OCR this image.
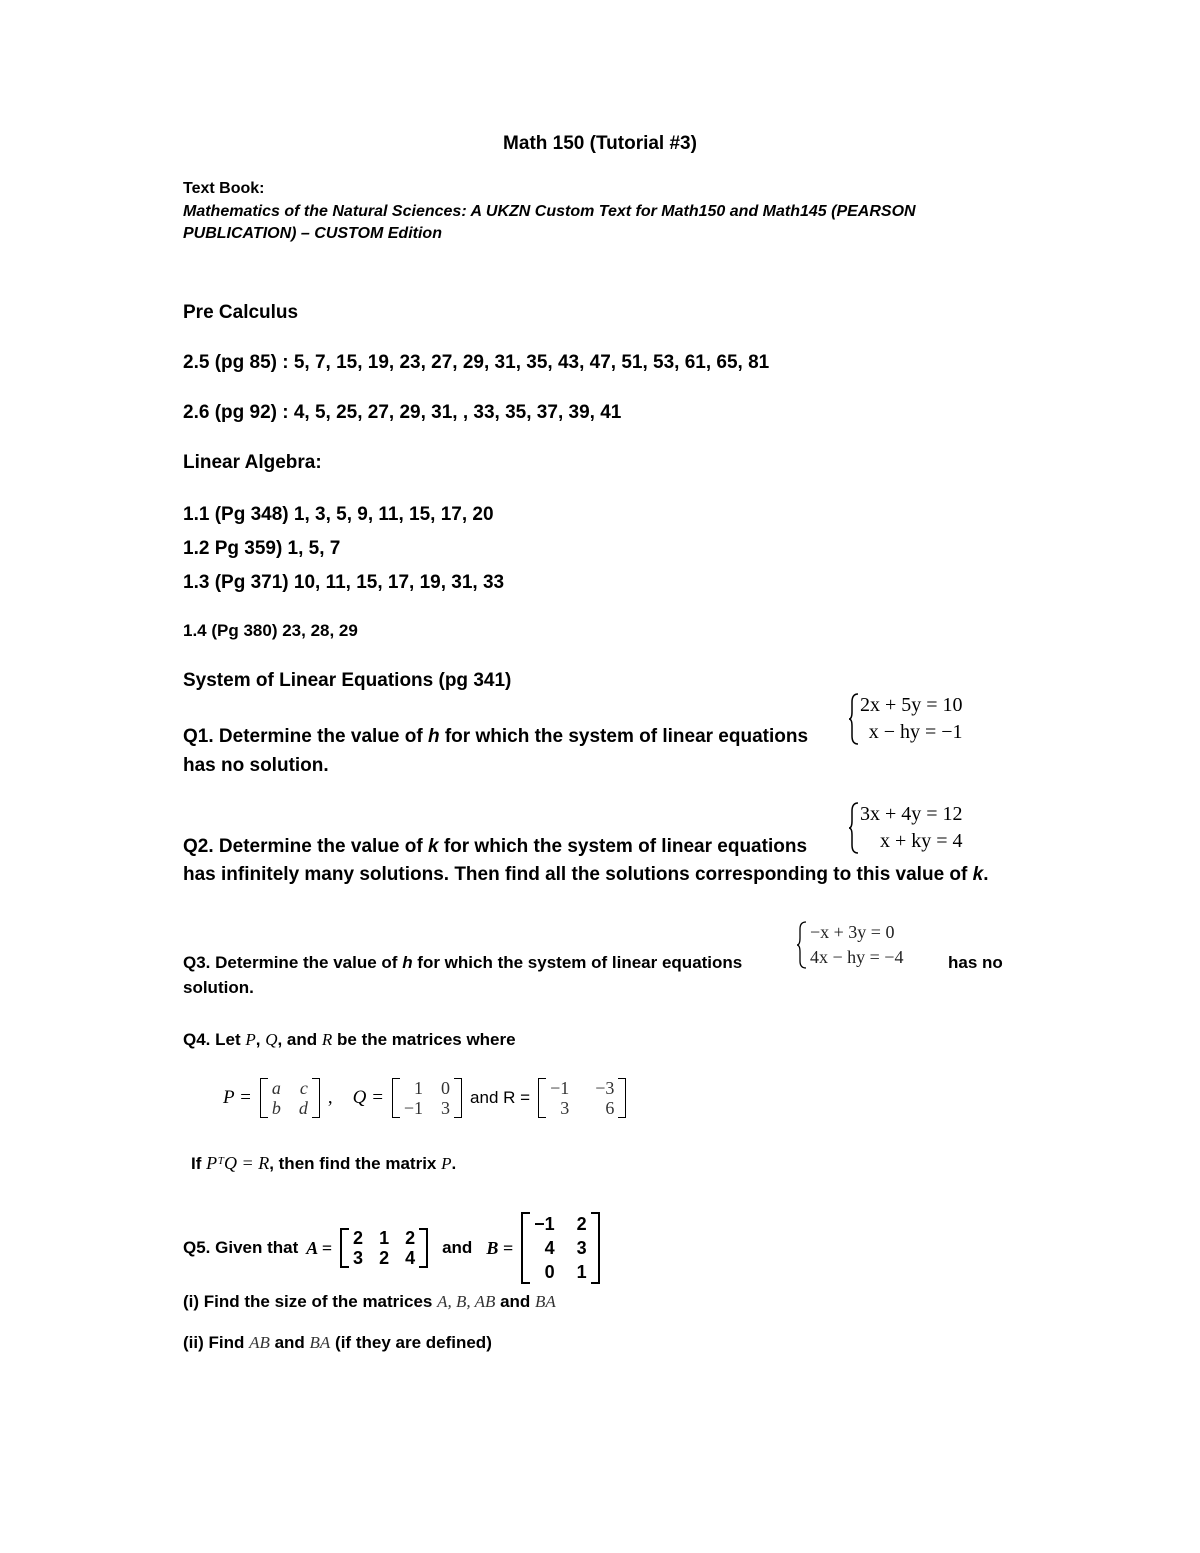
Math 150 (Tutorial #3)
Text Book:
Mathematics of the Natural Sciences: A UKZN Custom Text for Math150 and Math145 (PEARSON
PUBLICATION) – CUSTOM Edition
Pre Calculus
2.5 (pg 85) : 5, 7, 15, 19, 23, 27, 29, 31, 35, 43, 47, 51, 53, 61, 65, 81
2.6 (pg 92) : 4, 5, 25, 27, 29, 31, , 33, 35, 37, 39, 41
Linear Algebra:
1.1 (Pg 348) 1, 3, 5, 9, 11, 15, 17, 20
1.2 Pg 359) 1, 5, 7
1.3 (Pg 371) 10, 11, 15, 17, 19, 31, 33
1.4 (Pg 380) 23, 28, 29
System of Linear Equations (pg 341)
2x + 5y = 10
x − hy = −1
Q1. Determine the value of h for which the system of linear equations
has no solution.
3x + 4y = 12
x + ky = 4
Q2. Determine the value of k for which the system of linear equations
has infinitely many solutions. Then find all the solutions corresponding to this value of k.
−x + 3y = 0
4x − hy = −4
Q3. Determine the value of h for which the system of linear equations	has no
solution.
Q4. Let P, Q, and R be the matrices where
P = a c
b d , Q =	1 0
−1 3
and R = −1 −3
3	6
If PᵀQ = R, then find the matrix P.
Q5. Given that A = 2 1 2
3 2 4
and B =
−1 2
4 3
0 1
(i) Find the size of the matrices A, B, AB and BA
(ii) Find AB and BA (if they are defined)
